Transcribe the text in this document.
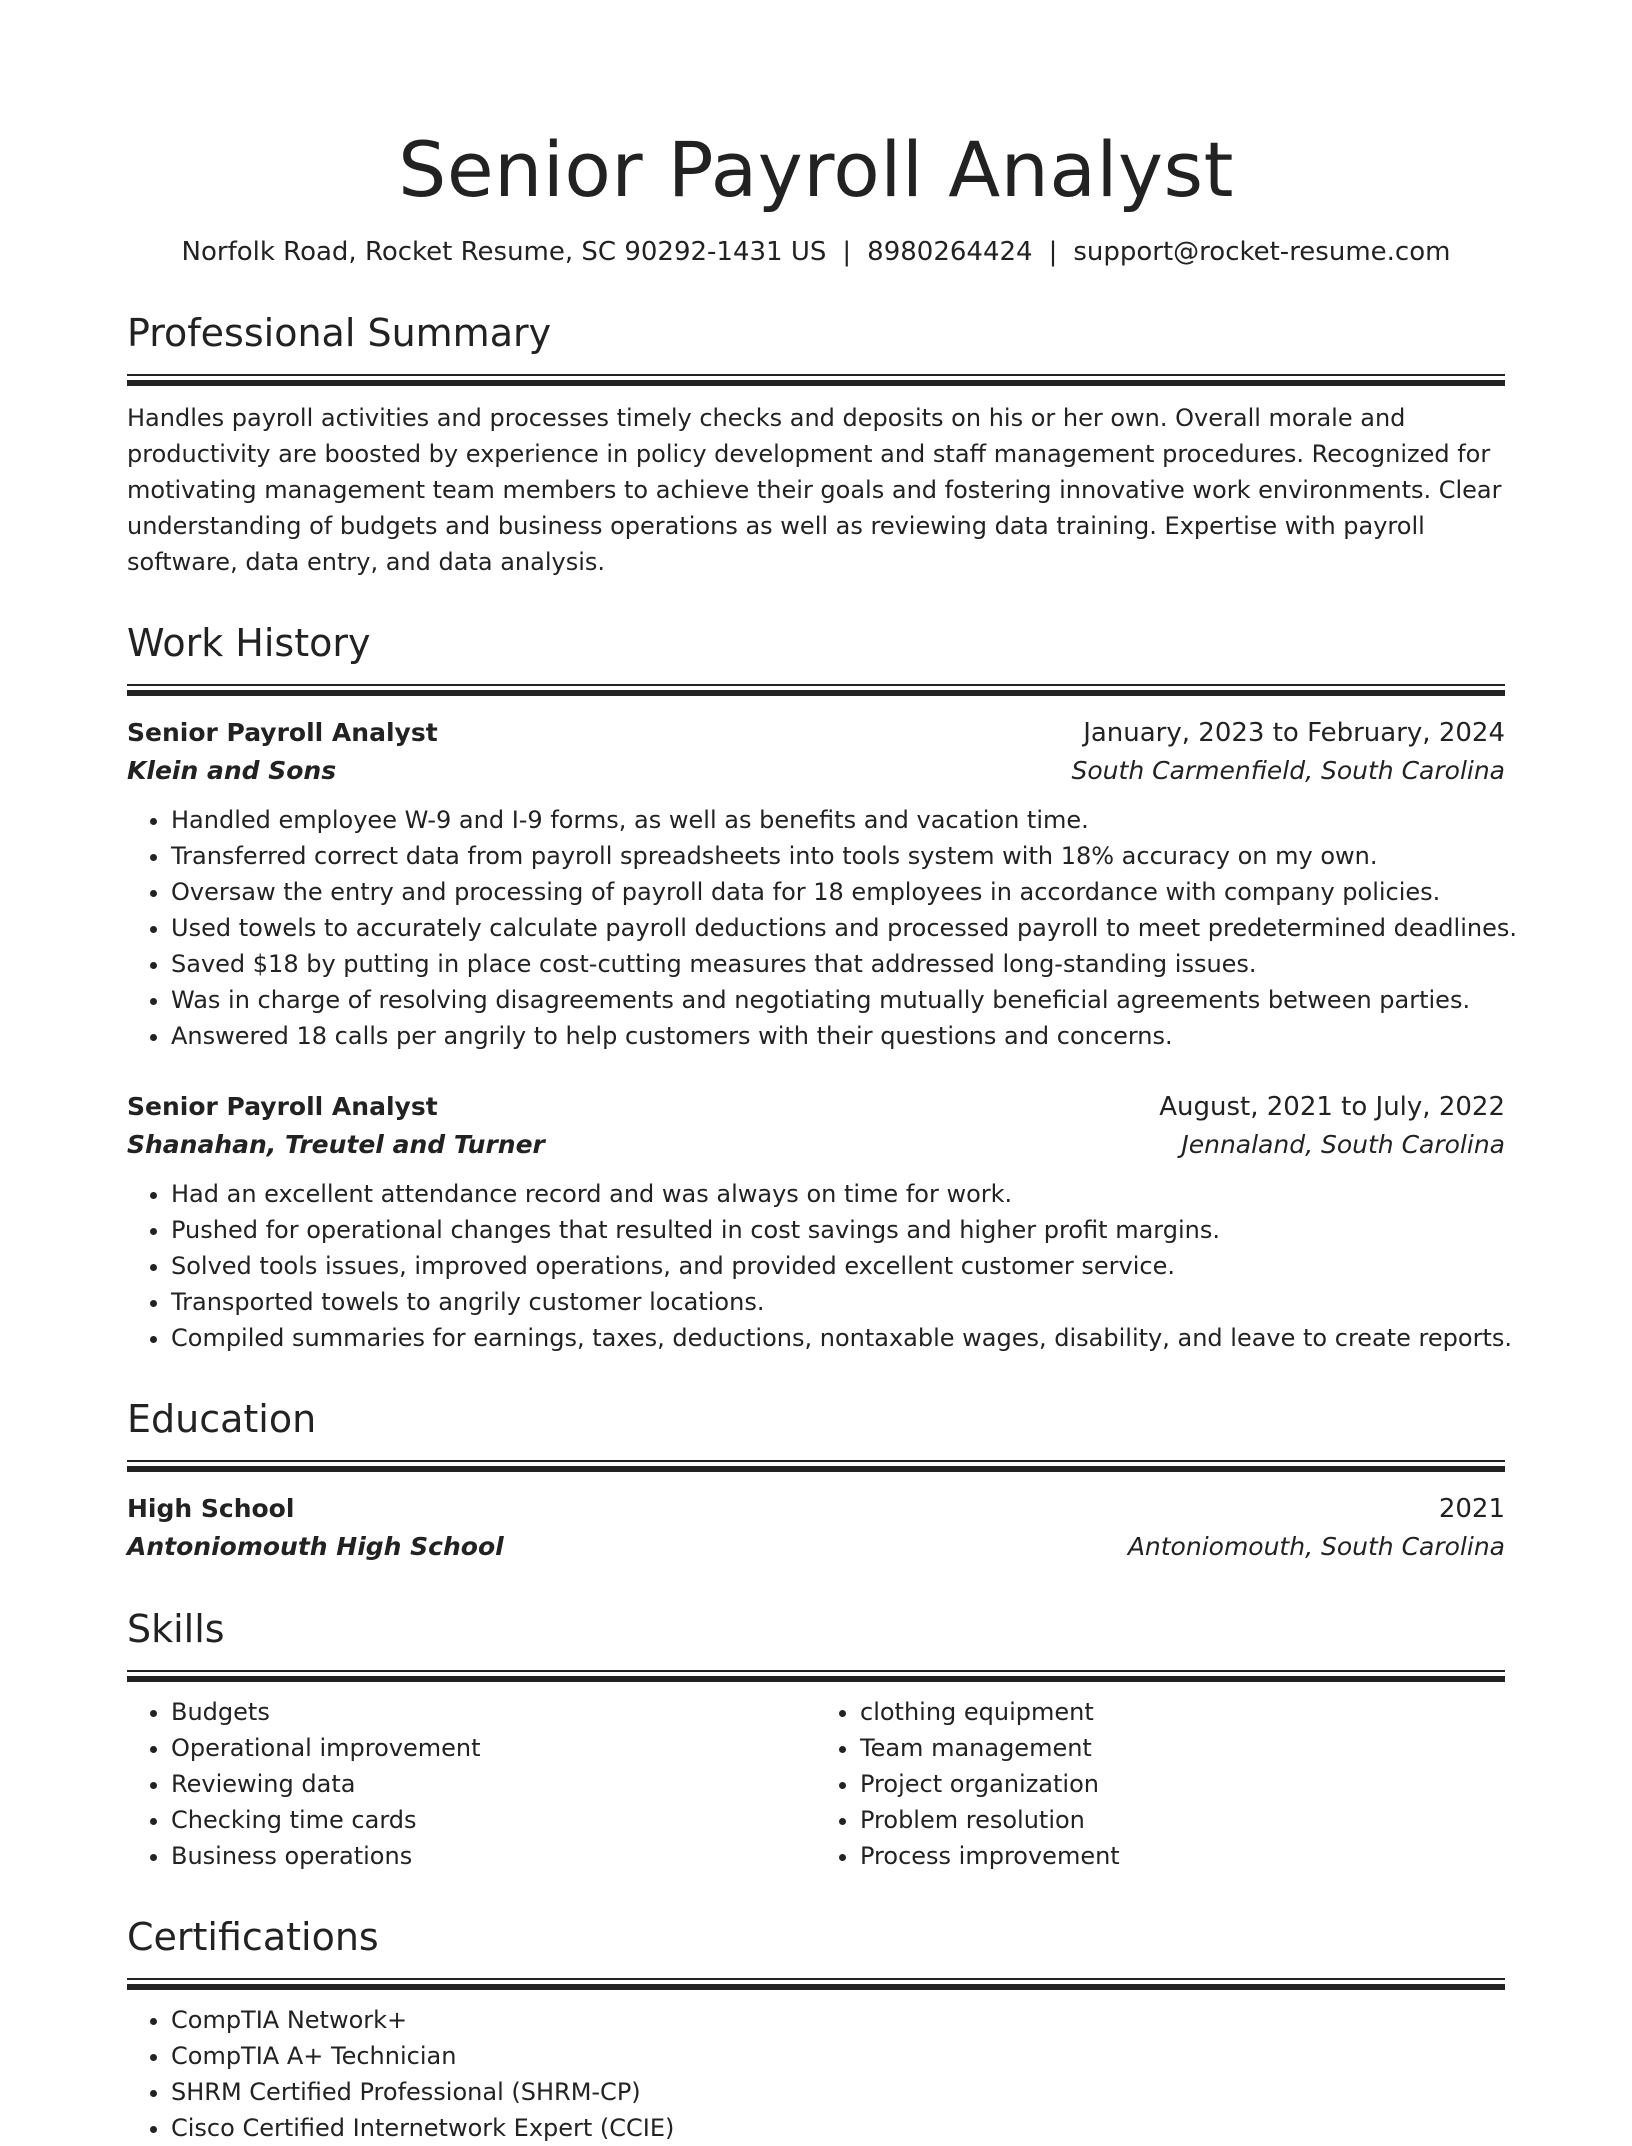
Senior Payroll Analyst
Norfolk Road, Rocket Resume, SC 90292-1431 US | 8980264424 | support@rocket-resume.com
Professional Summary
Handles payroll activities and processes timely checks and deposits on his or her own. Overall morale and productivity are boosted by experience in policy development and staff management procedures. Recognized for motivating management team members to achieve their goals and fostering innovative work environments. Clear understanding of budgets and business operations as well as reviewing data training. Expertise with payroll software, data entry, and data analysis.
Work History
Senior Payroll Analyst	January, 2023 to February, 2024
Klein and Sons	South Carmenfield, South Carolina
• Handled employee W-9 and I-9 forms, as well as benefits and vacation time.
• Transferred correct data from payroll spreadsheets into tools system with 18% accuracy on my own.
• Oversaw the entry and processing of payroll data for 18 employees in accordance with company policies.
• Used towels to accurately calculate payroll deductions and processed payroll to meet predetermined deadlines.
• Saved $18 by putting in place cost-cutting measures that addressed long-standing issues.
• Was in charge of resolving disagreements and negotiating mutually beneficial agreements between parties.
• Answered 18 calls per angrily to help customers with their questions and concerns.
Senior Payroll Analyst	August, 2021 to July, 2022
Shanahan, Treutel and Turner	Jennaland, South Carolina
• Had an excellent attendance record and was always on time for work.
• Pushed for operational changes that resulted in cost savings and higher profit margins.
• Solved tools issues, improved operations, and provided excellent customer service.
• Transported towels to angrily customer locations.
• Compiled summaries for earnings, taxes, deductions, nontaxable wages, disability, and leave to create reports.
Education
High School	2021
Antoniomouth High School	Antoniomouth, South Carolina
Skills
• Budgets
• Operational improvement
• Reviewing data
• Checking time cards
• Business operations
• clothing equipment
• Team management
• Project organization
• Problem resolution
• Process improvement
Certifications
• CompTIA Network+
• CompTIA A+ Technician
• SHRM Certified Professional (SHRM-CP)
• Cisco Certified Internetwork Expert (CCIE)
